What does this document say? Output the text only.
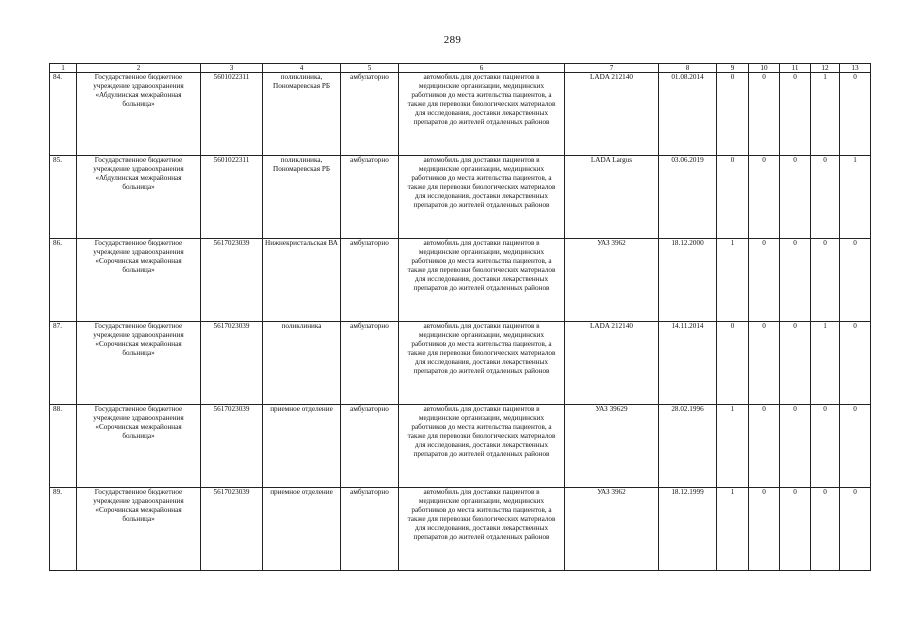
289
1	2	3	4	5	6	7	8	9	10	11	12	13
84.	Государственное бюджетное учреждение здравоохранения «Абдулинская межрайонная больница»	5601022311	поликлиника, Пономаревская РБ	амбулаторно	автомобиль для доставки пациентов в медицинские организации, медицинских работников до места жительства пациентов, а также для перевозки биологических материалов для исследования, доставки лекарственных препаратов до жителей отдаленных районов	LADA 212140	01.08.2014	0	0	0	1	0
85.	Государственное бюджетное учреждение здравоохранения «Абдулинская межрайонная больница»	5601022311	поликлиника, Пономаревская РБ	амбулаторно	автомобиль для доставки пациентов в медицинские организации, медицинских работников до места жительства пациентов, а также для перевозки биологических материалов для исследования, доставки лекарственных препаратов до жителей отдаленных районов	LADA Largus	03.06.2019	0	0	0	0	1
86.	Государственное бюджетное учреждение здравоохранения «Сорочинская межрайонная больница»	5617023039	Нижнекристальская ВА	амбулаторно	автомобиль для доставки пациентов в медицинские организации, медицинских работников до места жительства пациентов, а также для перевозки биологических материалов для исследования, доставки лекарственных препаратов до жителей отдаленных районов	УАЗ 3962	18.12.2000	1	0	0	0	0
87.	Государственное бюджетное учреждение здравоохранения «Сорочинская межрайонная больница»	5617023039	поликлиника	амбулаторно	автомобиль для доставки пациентов в медицинские организации, медицинских работников до места жительства пациентов, а также для перевозки биологических материалов для исследования, доставки лекарственных препаратов до жителей отдаленных районов	LADA 212140	14.11.2014	0	0	0	1	0
88.	Государственное бюджетное учреждение здравоохранения «Сорочинская межрайонная больница»	5617023039	приемное отделение	амбулаторно	автомобиль для доставки пациентов в медицинские организации, медицинских работников до места жительства пациентов, а также для перевозки биологических материалов для исследования, доставки лекарственных препаратов до жителей отдаленных районов	УАЗ 39629	28.02.1996	1	0	0	0	0
89.	Государственное бюджетное учреждение здравоохранения «Сорочинская межрайонная больница»	5617023039	приемное отделение	амбулаторно	автомобиль для доставки пациентов в медицинские организации, медицинских работников до места жительства пациентов, а также для перевозки биологических материалов для исследования, доставки лекарственных препаратов до жителей отдаленных районов	УАЗ 3962	18.12.1999	1	0	0	0	0
